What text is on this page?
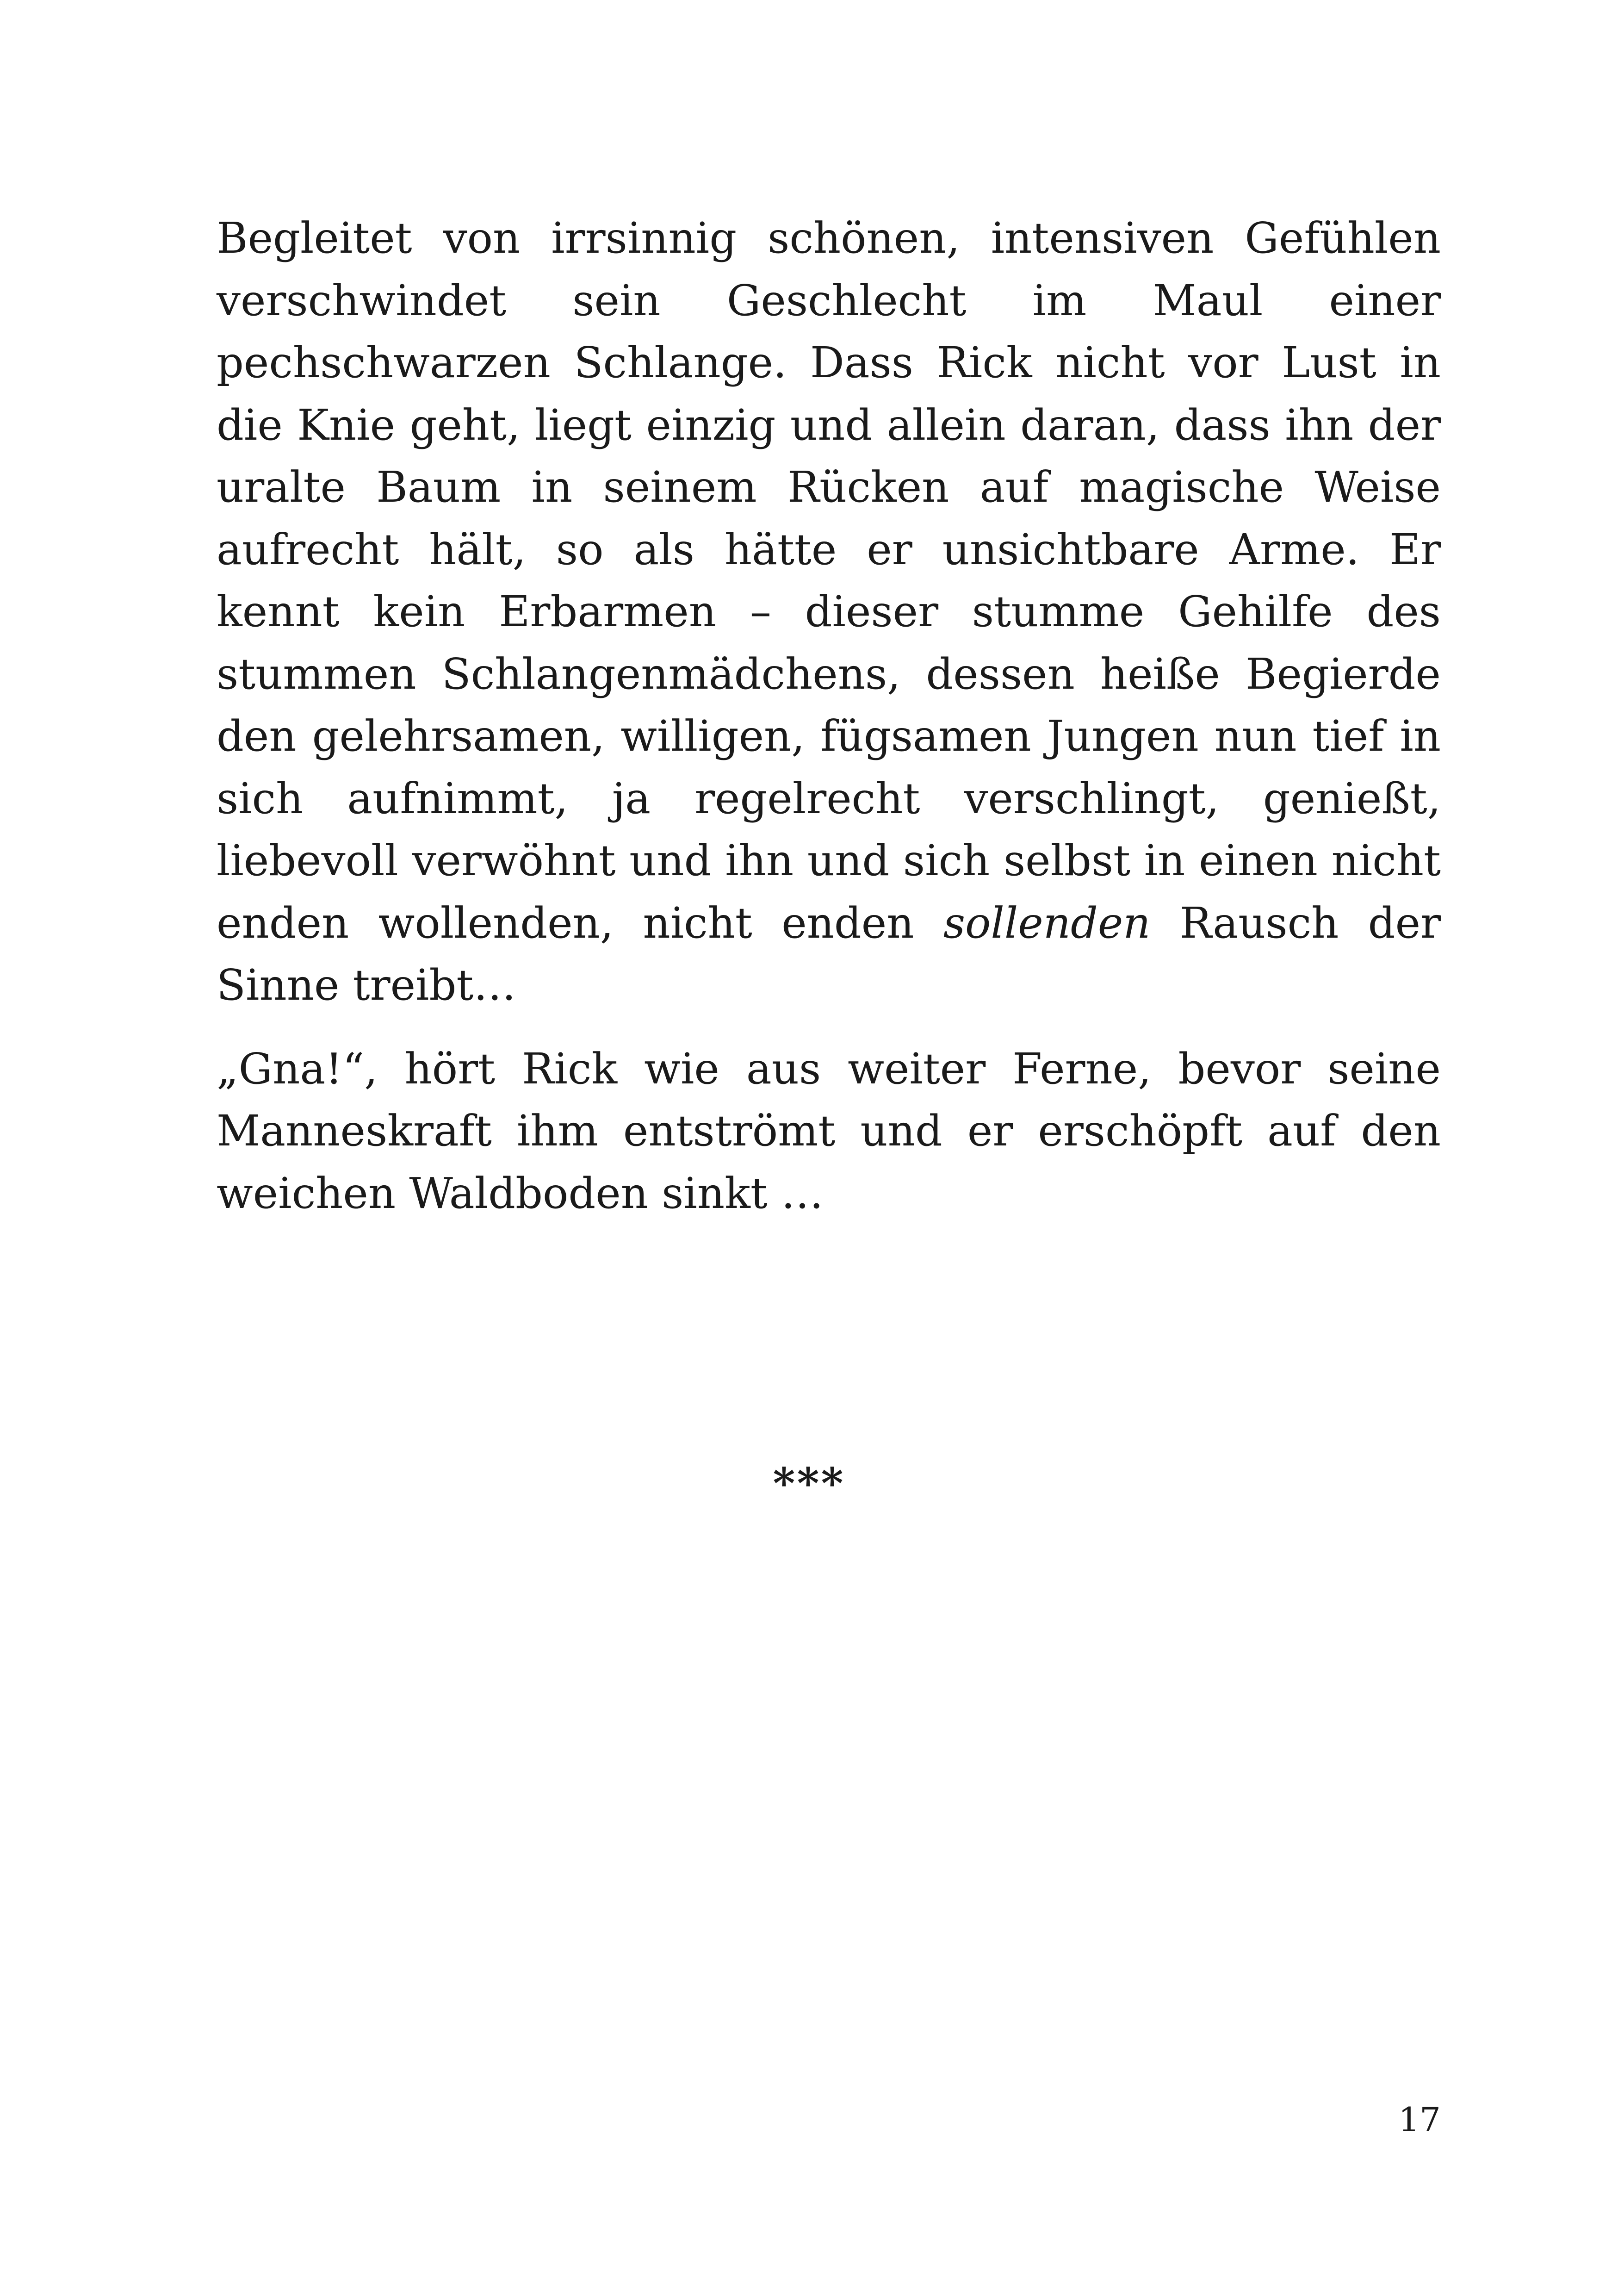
Begleitet von irrsinnig schönen, intensiven Gefühlen verschwindet sein Geschlecht im Maul einer pechschwarzen Schlange. Dass Rick nicht vor Lust in die Knie geht, liegt einzig und allein daran, dass ihn der uralte Baum in seinem Rücken auf magische Weise aufrecht hält, so als hätte er unsichtbare Arme. Er kennt kein Erbarmen – dieser stumme Gehilfe des stummen Schlangenmädchens, dessen heiße Begierde den gelehrsamen, willigen, fügsamen Jungen nun tief in sich aufnimmt, ja regelrecht verschlingt, genießt, liebevoll verwöhnt und ihn und sich selbst in einen nicht enden wollenden, nicht enden sollenden Rausch der Sinne treibt…

„Gna!“, hört Rick wie aus weiter Ferne, bevor seine Manneskraft ihm entströmt und er erschöpft auf den weichen Waldboden sinkt …

***
17
